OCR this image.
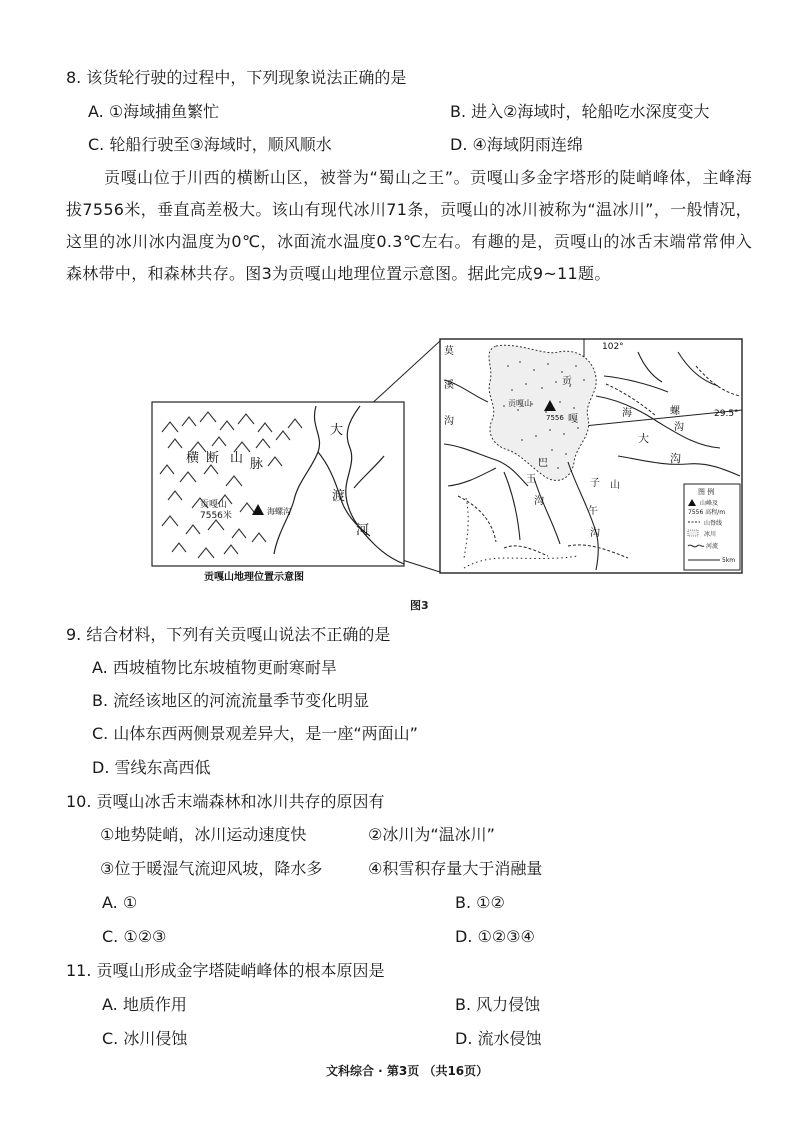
8. 该货轮行驶的过程中，下列现象说法正确的是
A. ①海域捕鱼繁忙	B. 进入②海域时，轮船吃水深度变大
C. 轮船行驶至③海域时，顺风顺水	D. ④海域阴雨连绵
贡嘎山位于川西的横断山区，被誉为“蜀山之王”。贡嘎山多金字塔形的陡峭峰体，主峰海拔7556米，垂直高差极大。该山有现代冰川71条，贡嘎山的冰川被称为“温冰川”，一般情况，这里的冰川冰内温度为0℃，冰面流水温度0.3℃左右。有趣的是，贡嘎山的冰舌末端常常伸入森林带中，和森林共存。图3为贡嘎山地理位置示意图。据此完成9~11题。
贡嘎山
7556米	海螺沟
横 断 山 脉
大
渡
河
102°
29.5°
贡嘎山
7556
莫
溪
沟
贡
嘎
巴
王
沟
子 山
午
沟
海	螺
沟
大
沟
图 例
山峰及
7556 高程/m
山脊线
冰川
河流
5km
贡嘎山地理位置示意图
图3
9. 结合材料，下列有关贡嘎山说法不正确的是
A. 西坡植物比东坡植物更耐寒耐旱
B. 流经该地区的河流流量季节变化明显
C. 山体东西两侧景观差异大，是一座“两面山”
D. 雪线东高西低
10. 贡嘎山冰舌末端森林和冰川共存的原因有
①地势陡峭，冰川运动速度快	②冰川为“温冰川”
③位于暖湿气流迎风坡，降水多	④积雪积存量大于消融量
A. ①	B. ①②
C. ①②③	D. ①②③④
11. 贡嘎山形成金字塔陡峭峰体的根本原因是
A. 地质作用	B. 风力侵蚀
C. 冰川侵蚀	D. 流水侵蚀
文科综合 · 第3页 （共16页）
